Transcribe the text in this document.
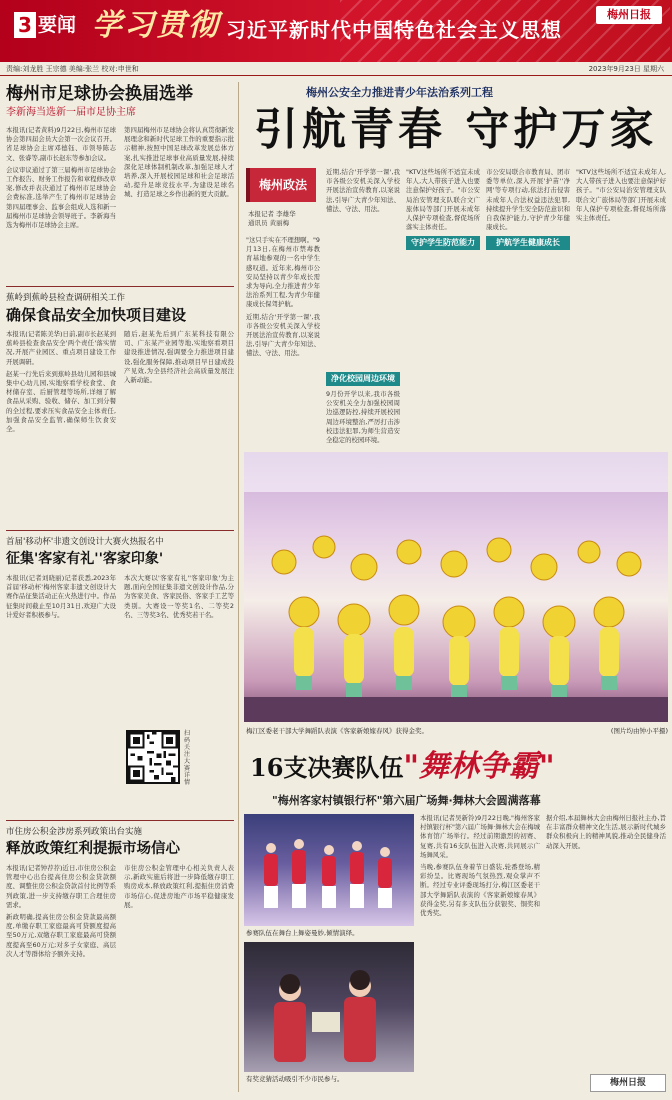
3 要闻 学习贯彻 习近平新时代中国特色社会主义思想
梅州日报
责编:刘龙胜 王宗德 美编:张兰 校对:申世和	2023年9月23日 星期六
梅州市足球协会换届选举
李新海当选新一届市足协主席

本报讯(记者黄料)9月22日,梅州市足球协会第四届会员大会第一次会议召开。省足球协会主席邓德钰、市领导陈志文、张睿等,副市长赵东等参加会议。

会议审议通过了第三届梅州市足球协会工作报告、财务工作报告和章程修改草案,修改并表决通过了梅州市足球协会会费标准,选举产生了梅州市足球协会第四届理事会、监事会组成人选和新一届梅州市足球协会领导班子。李新海当选为梅州市足球协会主席。

第四届梅州市足球协会将认真贯彻新发展理念和新时代足球工作的重要指示批示精神,按照中国足球改革发展总体方案,扎实推进足球事业高质量发展,持续深化足球体制机制改革,加强足球人才培养,深入开展校园足球和社会足球活动,提升足球竞技水平,为建设足球名城、打造足球之乡作出新的更大贡献。

蕉岭到蕉岭县检查调研相关工作
确保食品安全加快项目建设

本报讯(记者陈美华)日前,副市长赵某到蕉岭县检查食品安全'两个责任'落实情况,开展产业园区、重点项目建设工作开展调研。

赵某一行先后来到蕉岭县幼儿园和县城集中心幼儿园,实地察看学校食堂、食材储存室、后厨管理等场所,详细了解食品从采购、验收、储存、加工到分餐的全过程,要求压实食品安全主体责任,加强食品安全监管,确保师生饮食安全。

随后,赵某先后到广东某科技有限公司、广东某产业园等地,实地察看项目建设推进情况,强调要全力推进项目建设,强化服务保障,推动项目早日建成投产见效,为全县经济社会高质量发展注入新动能。

首届'移动杯'非遗文创设计大赛火热报名中
征集'客家有礼''客家印象'

本报讯(记者刘晓丽)记者获悉,2023年首届'移动杯'梅州客家非遗文创设计大赛作品征集活动正在火热进行中。作品征集时间截止至10月31日,欢迎广大设计爱好者积极参与。

本次大赛以'客家有礼''客家印象'为主题,面向全国征集非遗文创设计作品,分为客家美食、客家民俗、客家手工艺等类别。大赛设一等奖1名、二等奖2名、三等奖3名、优秀奖若干名。

扫码关注大赛详情
市住房公积金涉房系列政策出台实施
释放政策红利提振市场信心

本报讯(记者钟荐荐)近日,市住房公积金管理中心出台提高住房公积金贷款额度、调整住房公积金贷款首付比例等系列政策,进一步支持缴存职工合理住房需求。

新政明确,提高住房公积金贷款最高额度,单缴存职工家庭最高可贷额度提高至50万元,双缴存职工家庭最高可贷额度提高至60万元;对多子女家庭、高层次人才等群体给予额外支持。

市住房公积金管理中心相关负责人表示,新政实施后将进一步降低缴存职工购房成本,释放政策红利,提振住房消费市场信心,促进房地产市场平稳健康发展。

梅州公安全力推进青少年法治系列工程
引航青春 守护万家
梅州政法
本报记者 李雄华
通讯员 黄丽梅

"这只手实在不理想啊。"9月13日,在梅州市禁毒教育基地参观的一名中学生感叹道。近年来,梅州市公安局坚持以青少年成长需求为导向,全力推进青少年法治系列工程,为青少年健康成长保驾护航。

近期,结合'开学第一课',我市各级公安机关深入学校开展法治宣传教育,以案说法,引导广大青少年知法、懂法、守法、用法。

净化校园周边环境

9月份开学以来,我市各级公安机关全力加强校园周边巡逻防控,持续开展校园周边环境整治,严厉打击涉校违法犯罪,为师生营造安全稳定的校园环境。

近期,结合'开学第一课',我市各级公安机关深入学校开展法治宣传教育,以案说法,引导广大青少年知法、懂法、守法、用法。

"KTV这些场所不适宜未成年人,大人带孩子进入也要注意保护好孩子。"市公安局治安管理支队联合文广旅体局等部门开展未成年人保护专项检查,督促场所落实主体责任。

守护学生防范能力

市公安局联合市教育局、团市委等单位,深入开展'护苗''净网'等专项行动,依法打击侵害未成年人合法权益违法犯罪,持续提升学生安全防范意识和自我保护能力,守护青少年健康成长。

护航学生健康成长

"KTV这些场所不适宜未成年人,大人带孩子进入也要注意保护好孩子。"市公安局治安管理支队联合文广旅体局等部门开展未成年人保护专项检查,督促场所落实主体责任。

梅江区委老干部大学舞蹈队表演《客家新娘嫁春风》获得金奖。	(图片均由钟小平摄)
16支决赛队伍"舞林争霸"
"梅州客家村镇银行杯"第六届广场舞·舞林大会圆满落幕
参赛队伍在舞台上舞姿曼妙,倾情演绎。
有奖竞猜活动吸引不少市民参与。

本报讯(记者吴新铃)9月22日晚,"梅州客家村镇银行杯"第六届广场舞·舞林大会在梅城体育馆广场举行。经过前期激烈的初赛、复赛,共有16支队伍进入决赛,共同展示广场舞风采。

当晚,参赛队伍身着节日盛装,轮番登场,精彩纷呈。比赛现场气氛热烈,观众掌声不断。经过专业评委现场打分,梅江区委老干部大学舞蹈队表演的《客家新娘嫁春风》获得金奖,另有多支队伍分获银奖、铜奖和优秀奖。

据介绍,本届舞林大会由梅州日报社主办,旨在丰富群众精神文化生活,展示新时代城乡群众积极向上的精神风貌,推动全民健身活动深入开展。

梅州日报
